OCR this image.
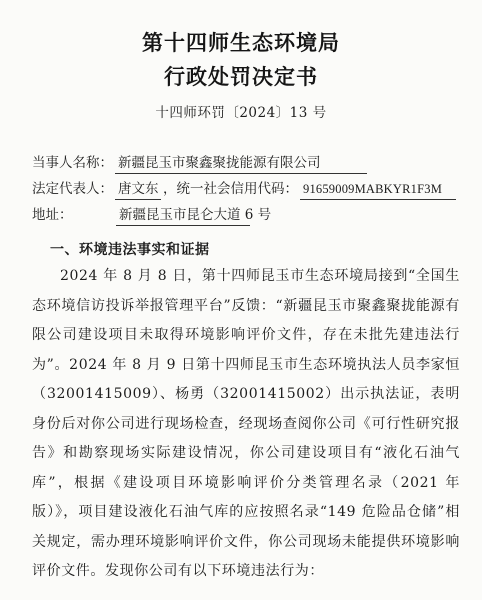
第十四师生态环境局
行政处罚决定书
十四师环罚〔2024〕13 号
当事人名称： 新疆昆玉市聚鑫聚拢能源有限公司
法定代表人： 唐文东 ，统一社会信用代码： 91659009MABKYR1F3M
地址：	新疆昆玉市昆仑大道 6 号
一、环境违法事实和证据
2024 年 8 月 8 日，第十四师昆玉市生态环境局接到“全国生态环境信访投诉举报管理平台”反馈：“新疆昆玉市聚鑫聚拢能源有限公司建设项目未取得环境影响评价文件，存在未批先建违法行为”。2024 年 8 月 9 日第十四师昆玉市生态环境执法人员李家恒（32001415009）、杨勇（32001415002）出示执法证，表明身份后对你公司进行现场检查，经现场查阅你公司《可行性研究报告》和勘察现场实际建设情况，你公司建设项目有“液化石油气库”，根据《建设项目环境影响评价分类管理名录（2021 年版）》，项目建设液化石油气库的应按照名录“149 危险品仓储”相关规定，需办理环境影响评价文件，你公司现场未能提供环境影响评价文件。发现你公司有以下环境违法行为：
